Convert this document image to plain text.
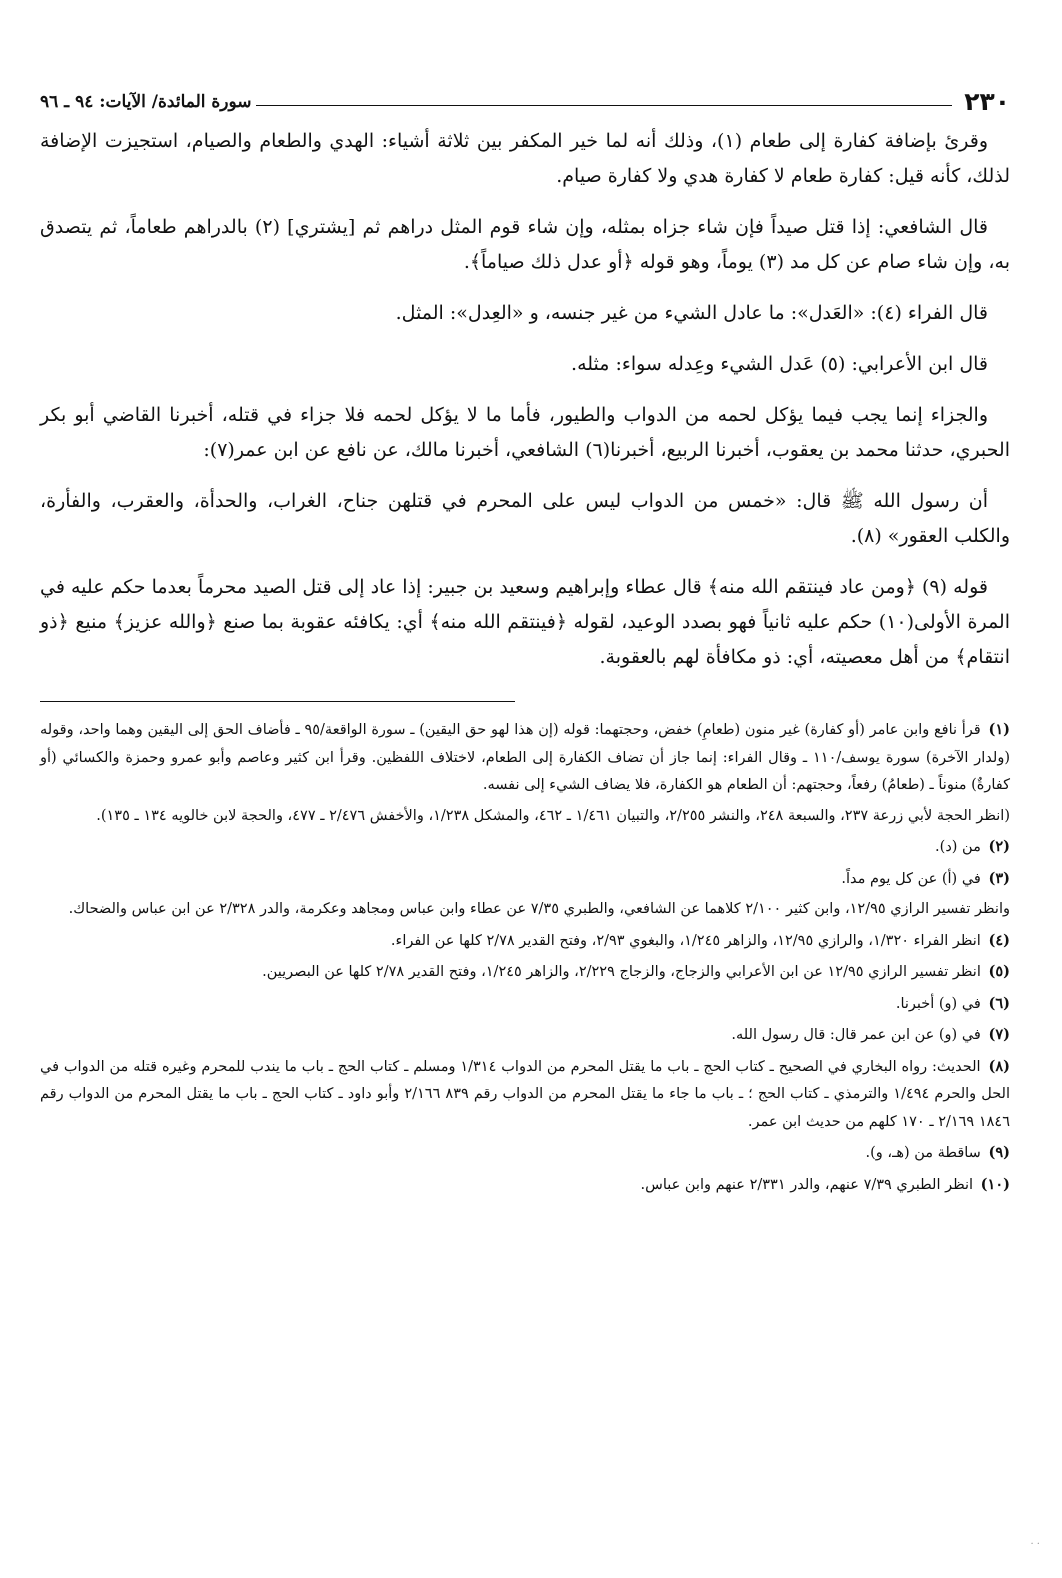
٢٣٠
سورة المائدة/ الآيات: ٩٤ ـ ٩٦

وقرئ بإضافة كفارة إلى طعام (١)، وذلك أنه لما خير المكفر بين ثلاثة أشياء: الهدي والطعام والصيام، استجيزت الإضافة لذلك، كأنه قيل: كفارة طعام لا كفارة هدي ولا كفارة صيام.

قال الشافعي: إذا قتل صيداً فإن شاء جزاه بمثله، وإن شاء قوم المثل دراهم ثم [يشتري] (٢) بالدراهم طعاماً، ثم يتصدق به، وإن شاء صام عن كل مد (٣) يوماً، وهو قوله ﴿أو عدل ذلك صياماً﴾.

قال الفراء (٤): «العَدل»: ما عادل الشيء من غير جنسه، و «العِدل»: المثل.

قال ابن الأعرابي: (٥) عَدل الشيء وعِدله سواء: مثله.

والجزاء إنما يجب فيما يؤكل لحمه من الدواب والطيور، فأما ما لا يؤكل لحمه فلا جزاء في قتله، أخبرنا القاضي أبو بكر الحبري، حدثنا محمد بن يعقوب، أخبرنا الربيع، أخبرنا(٦) الشافعي، أخبرنا مالك، عن نافع عن ابن عمر(٧):

أن رسول الله ﷺ قال: «خمس من الدواب ليس على المحرم في قتلهن جناح، الغراب، والحدأة، والعقرب، والفأرة، والكلب العقور» (٨).

قوله (٩) ﴿ومن عاد فينتقم الله منه﴾ قال عطاء وإبراهيم وسعيد بن جبير: إذا عاد إلى قتل الصيد محرماً بعدما حكم عليه في المرة الأولى(١٠) حكم عليه ثانياً فهو بصدد الوعيد، لقوله ﴿فينتقم الله منه﴾ أي: يكافئه عقوبة بما صنع ﴿والله عزيز﴾ منيع ﴿ذو انتقام﴾ من أهل معصيته، أي: ذو مكافأة لهم بالعقوبة.

(١) قرأ نافع وابن عامر (أو كفارة) غير منون (طعامِ) خفض، وحجتهما: قوله (إن هذا لهو حق اليقين) ـ سورة الواقعة/٩٥ ـ فأضاف الحق إلى اليقين وهما واحد، وقوله (ولدار الآخرة) سورة يوسف/١١٠ ـ وقال الفراء: إنما جاز أن تضاف الكفارة إلى الطعام، لاختلاف اللفظين. وقرأ ابن كثير وعاصم وأبو عمرو وحمزة والكسائي (أو كفارةٌ) منوناً ـ (طعامُ) رفعاً، وحجتهم: أن الطعام هو الكفارة، فلا يضاف الشيء إلى نفسه.
(انظر الحجة لأبي زرعة ٢٣٧، والسبعة ٢٤٨، والنشر ٢/٢٥٥، والتبيان ١/٤٦١ ـ ٤٦٢، والمشكل ١/٢٣٨، والأخفش ٢/٤٧٦ ـ ٤٧٧، والحجة لابن خالويه ١٣٤ ـ ١٣٥).
(٢) من (د).
(٣) في (أ) عن كل يوم مداً.
وانظر تفسير الرازي ١٢/٩٥، وابن كثير ٢/١٠٠ كلاهما عن الشافعي، والطبري ٧/٣٥ عن عطاء وابن عباس ومجاهد وعكرمة، والدر ٢/٣٢٨ عن ابن عباس والضحاك.
(٤) انظر الفراء ١/٣٢٠، والرازي ١٢/٩٥، والزاهر ١/٢٤٥، والبغوي ٢/٩٣، وفتح القدير ٢/٧٨ كلها عن الفراء.
(٥) انظر تفسير الرازي ١٢/٩٥ عن ابن الأعرابي والزجاج، والزجاج ٢/٢٢٩، والزاهر ١/٢٤٥، وفتح القدير ٢/٧٨ كلها عن البصريين.
(٦) في (و) أخبرنا.
(٧) في (و) عن ابن عمر قال: قال رسول الله.
(٨) الحديث: رواه البخاري في الصحيح ـ كتاب الحج ـ باب ما يقتل المحرم من الدواب ١/٣١٤ ومسلم ـ كتاب الحج ـ باب ما يندب للمحرم وغيره قتله من الدواب في الحل والحرم ١/٤٩٤ والترمذي ـ كتاب الحج ؛ ـ باب ما جاء ما يقتل المحرم من الدواب رقم ٨٣٩ ٢/١٦٦ وأبو داود ـ كتاب الحج ـ باب ما يقتل المحرم من الدواب رقم ١٨٤٦ ٢/١٦٩ ـ ١٧٠ كلهم من حديث ابن عمر.
(٩) ساقطة من (هـ، و).
(١٠) انظر الطبري ٧/٣٩ عنهم، والدر ٢/٣٣١ عنهم وابن عباس.
· ·
